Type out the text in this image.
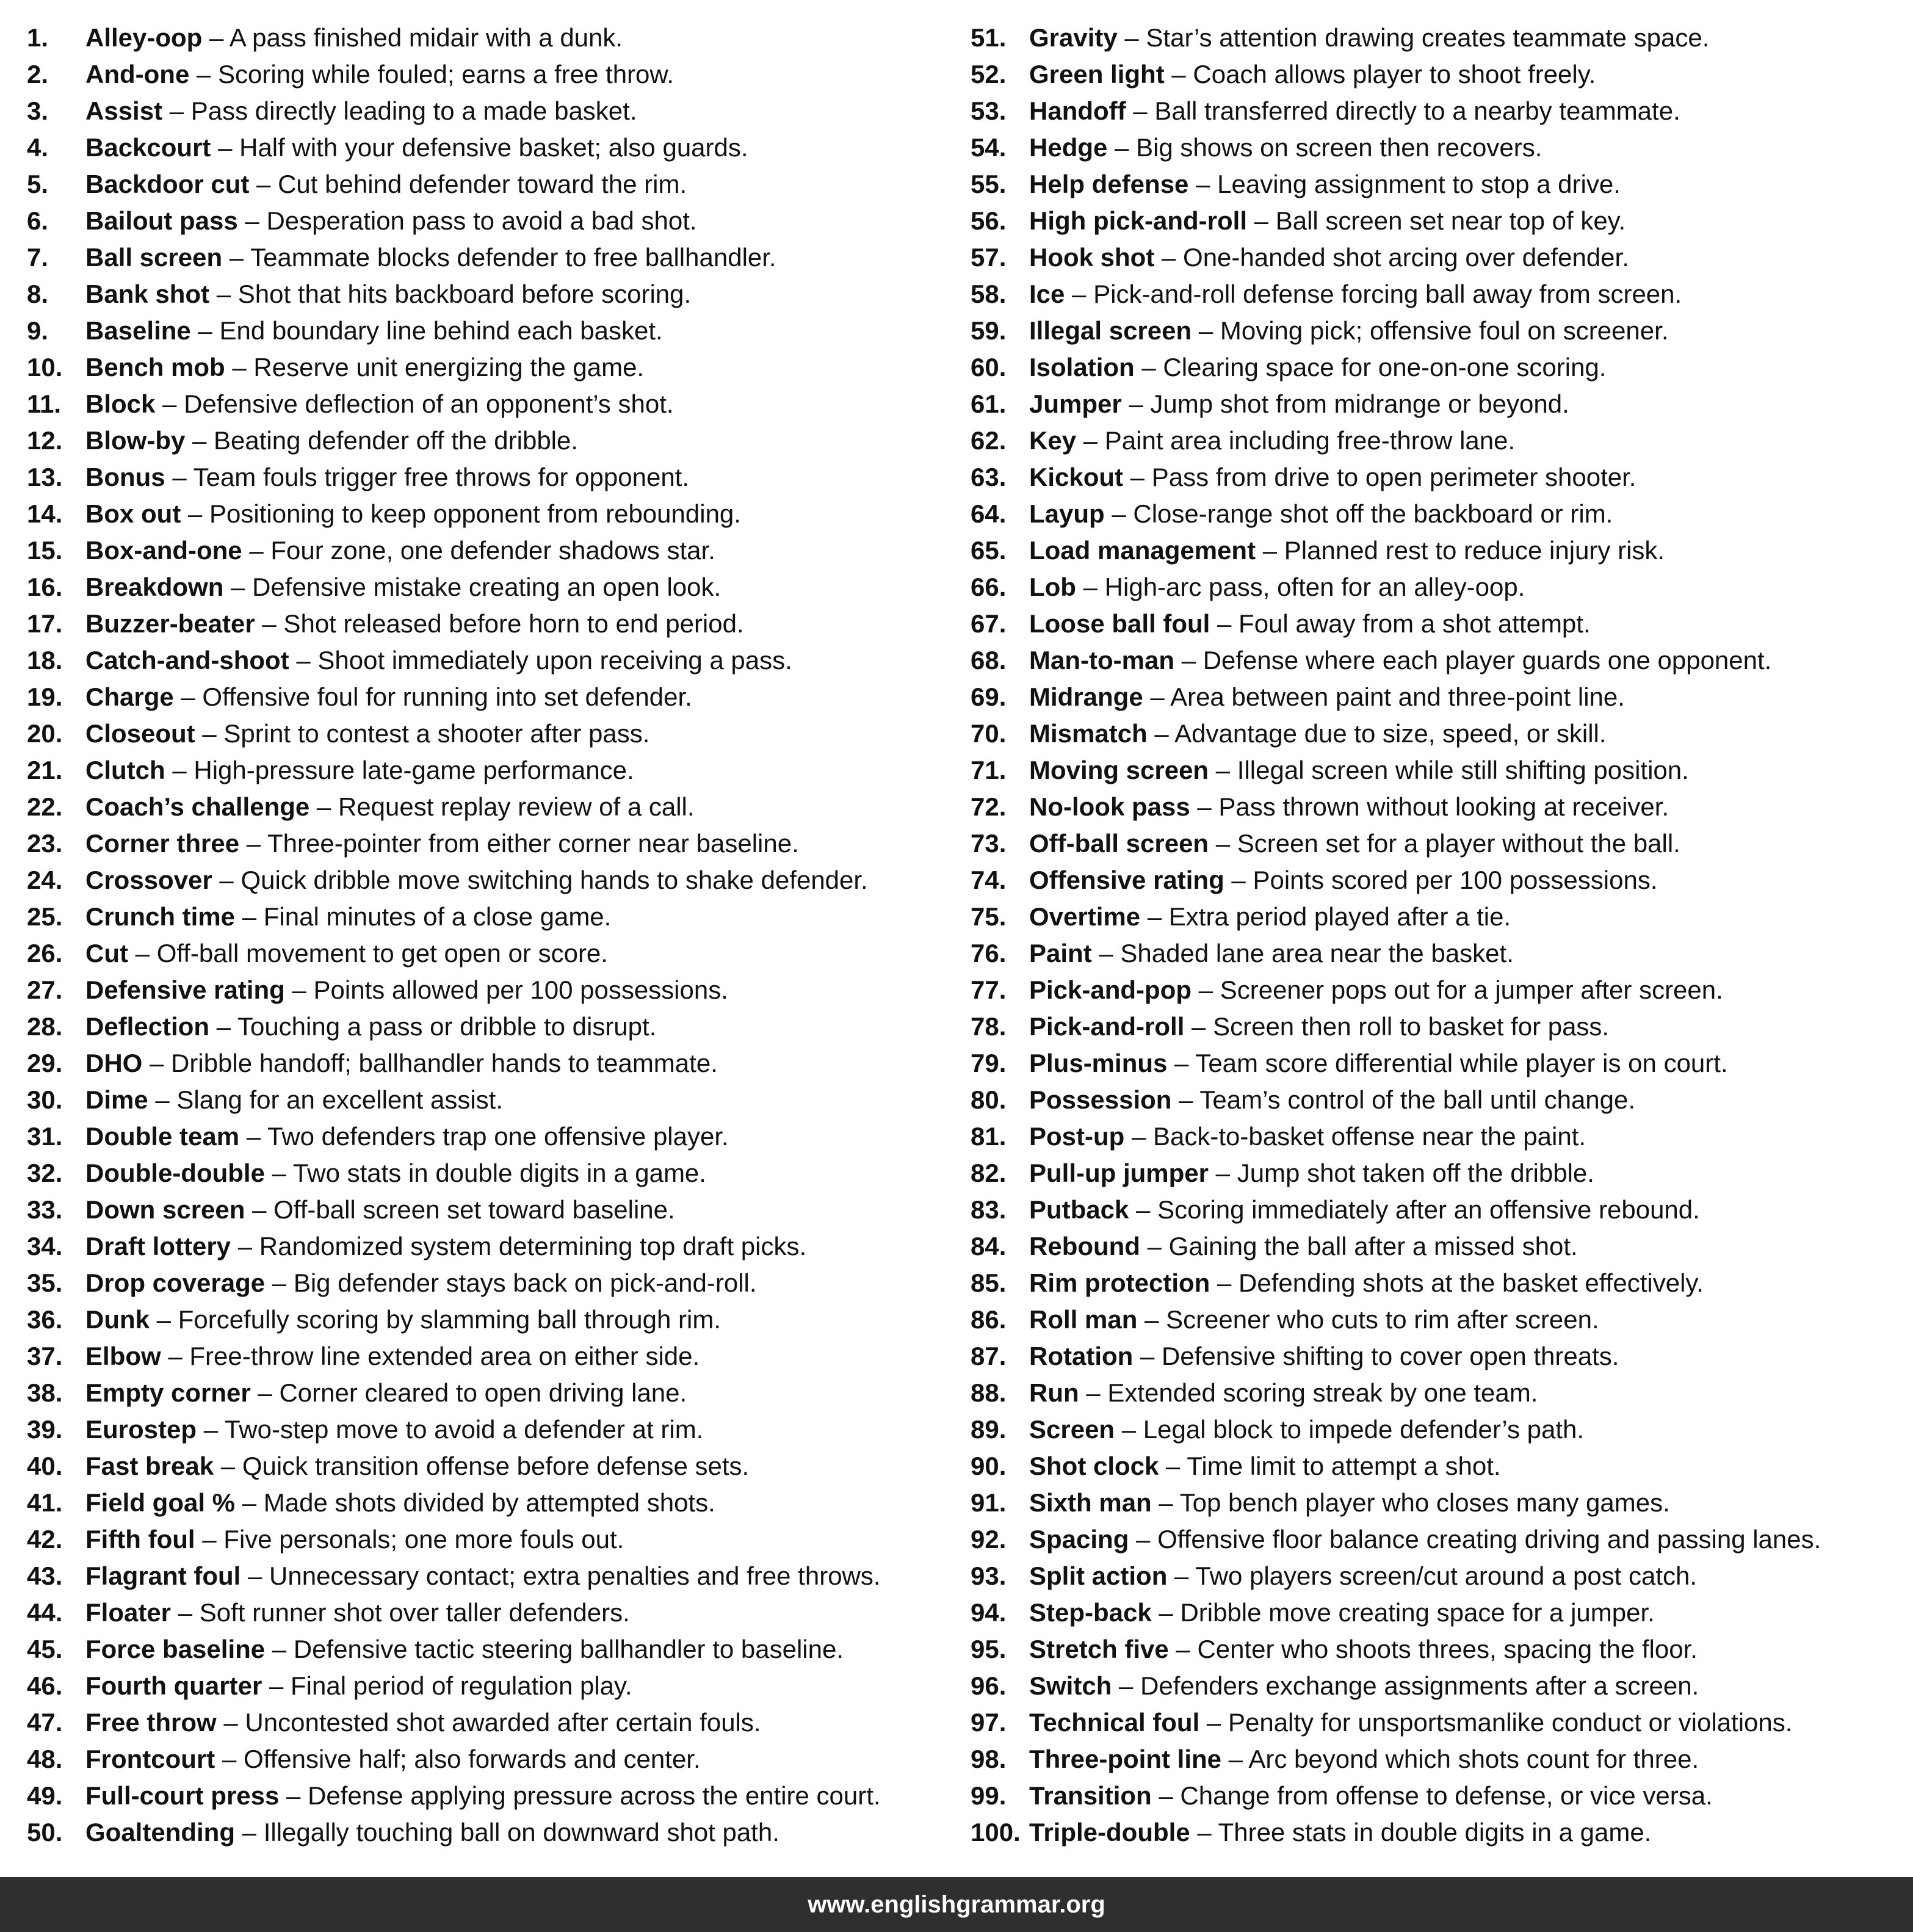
1. Alley-oop – A pass finished midair with a dunk.
2. And-one – Scoring while fouled; earns a free throw.
3. Assist – Pass directly leading to a made basket.
4. Backcourt – Half with your defensive basket; also guards.
5. Backdoor cut – Cut behind defender toward the rim.
6. Bailout pass – Desperation pass to avoid a bad shot.
7. Ball screen – Teammate blocks defender to free ballhandler.
8. Bank shot – Shot that hits backboard before scoring.
9. Baseline – End boundary line behind each basket.
10. Bench mob – Reserve unit energizing the game.
11. Block – Defensive deflection of an opponent’s shot.
12. Blow-by – Beating defender off the dribble.
13. Bonus – Team fouls trigger free throws for opponent.
14. Box out – Positioning to keep opponent from rebounding.
15. Box-and-one – Four zone, one defender shadows star.
16. Breakdown – Defensive mistake creating an open look.
17. Buzzer-beater – Shot released before horn to end period.
18. Catch-and-shoot – Shoot immediately upon receiving a pass.
19. Charge – Offensive foul for running into set defender.
20. Closeout – Sprint to contest a shooter after pass.
21. Clutch – High-pressure late-game performance.
22. Coach’s challenge – Request replay review of a call.
23. Corner three – Three-pointer from either corner near baseline.
24. Crossover – Quick dribble move switching hands to shake defender.
25. Crunch time – Final minutes of a close game.
26. Cut – Off-ball movement to get open or score.
27. Defensive rating – Points allowed per 100 possessions.
28. Deflection – Touching a pass or dribble to disrupt.
29. DHO – Dribble handoff; ballhandler hands to teammate.
30. Dime – Slang for an excellent assist.
31. Double team – Two defenders trap one offensive player.
32. Double-double – Two stats in double digits in a game.
33. Down screen – Off-ball screen set toward baseline.
34. Draft lottery – Randomized system determining top draft picks.
35. Drop coverage – Big defender stays back on pick-and-roll.
36. Dunk – Forcefully scoring by slamming ball through rim.
37. Elbow – Free-throw line extended area on either side.
38. Empty corner – Corner cleared to open driving lane.
39. Eurostep – Two-step move to avoid a defender at rim.
40. Fast break – Quick transition offense before defense sets.
41. Field goal % – Made shots divided by attempted shots.
42. Fifth foul – Five personals; one more fouls out.
43. Flagrant foul – Unnecessary contact; extra penalties and free throws.
44. Floater – Soft runner shot over taller defenders.
45. Force baseline – Defensive tactic steering ballhandler to baseline.
46. Fourth quarter – Final period of regulation play.
47. Free throw – Uncontested shot awarded after certain fouls.
48. Frontcourt – Offensive half; also forwards and center.
49. Full-court press – Defense applying pressure across the entire court.
50. Goaltending – Illegally touching ball on downward shot path.
51. Gravity – Star’s attention drawing creates teammate space.
52. Green light – Coach allows player to shoot freely.
53. Handoff – Ball transferred directly to a nearby teammate.
54. Hedge – Big shows on screen then recovers.
55. Help defense – Leaving assignment to stop a drive.
56. High pick-and-roll – Ball screen set near top of key.
57. Hook shot – One-handed shot arcing over defender.
58. Ice – Pick-and-roll defense forcing ball away from screen.
59. Illegal screen – Moving pick; offensive foul on screener.
60. Isolation – Clearing space for one-on-one scoring.
61. Jumper – Jump shot from midrange or beyond.
62. Key – Paint area including free-throw lane.
63. Kickout – Pass from drive to open perimeter shooter.
64. Layup – Close-range shot off the backboard or rim.
65. Load management – Planned rest to reduce injury risk.
66. Lob – High-arc pass, often for an alley-oop.
67. Loose ball foul – Foul away from a shot attempt.
68. Man-to-man – Defense where each player guards one opponent.
69. Midrange – Area between paint and three-point line.
70. Mismatch – Advantage due to size, speed, or skill.
71. Moving screen – Illegal screen while still shifting position.
72. No-look pass – Pass thrown without looking at receiver.
73. Off-ball screen – Screen set for a player without the ball.
74. Offensive rating – Points scored per 100 possessions.
75. Overtime – Extra period played after a tie.
76. Paint – Shaded lane area near the basket.
77. Pick-and-pop – Screener pops out for a jumper after screen.
78. Pick-and-roll – Screen then roll to basket for pass.
79. Plus-minus – Team score differential while player is on court.
80. Possession – Team’s control of the ball until change.
81. Post-up – Back-to-basket offense near the paint.
82. Pull-up jumper – Jump shot taken off the dribble.
83. Putback – Scoring immediately after an offensive rebound.
84. Rebound – Gaining the ball after a missed shot.
85. Rim protection – Defending shots at the basket effectively.
86. Roll man – Screener who cuts to rim after screen.
87. Rotation – Defensive shifting to cover open threats.
88. Run – Extended scoring streak by one team.
89. Screen – Legal block to impede defender’s path.
90. Shot clock – Time limit to attempt a shot.
91. Sixth man – Top bench player who closes many games.
92. Spacing – Offensive floor balance creating driving and passing lanes.
93. Split action – Two players screen/cut around a post catch.
94. Step-back – Dribble move creating space for a jumper.
95. Stretch five – Center who shoots threes, spacing the floor.
96. Switch – Defenders exchange assignments after a screen.
97. Technical foul – Penalty for unsportsmanlike conduct or violations.
98. Three-point line – Arc beyond which shots count for three.
99. Transition – Change from offense to defense, or vice versa.
100. Triple-double – Three stats in double digits in a game.
www.englishgrammar.org
